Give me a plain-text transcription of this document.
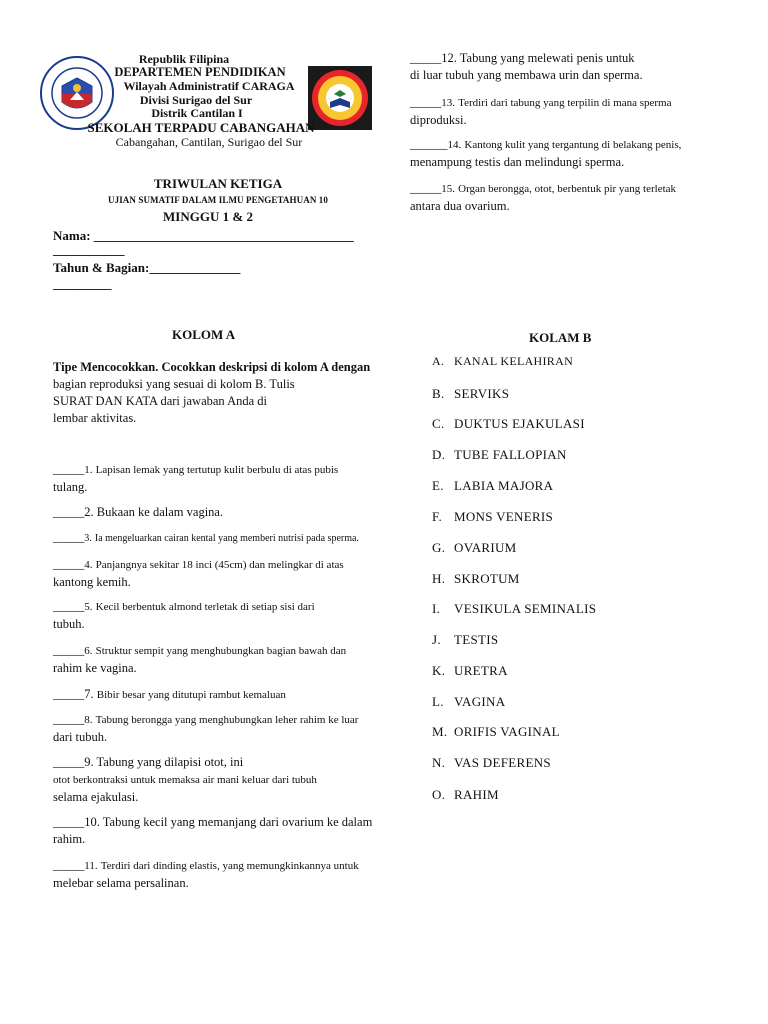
Republik Filipina
DEPARTEMEN PENDIDIKAN
Wilayah Administratif CARAGA
Divisi Surigao del Sur
Distrik Cantilan I
SEKOLAH TERPADU CABANGAHAN
Cabangahan, Cantilan, Surigao del Sur
TRIWULAN KETIGA
UJIAN SUMATIF DALAM ILMU PENGETAHUAN 10
MINGGU 1 & 2
Nama: ________________________________________
___________
Tahun & Bagian:______________
_________
_____12. Tabung yang melewati penis untuk
di luar tubuh yang membawa urin dan sperma.
_____13. Terdiri dari tabung yang terpilin di mana sperma
diproduksi.
______14. Kantong kulit yang tergantung di belakang penis,
menampung testis dan melindungi sperma.
_____15. Organ berongga, otot, berbentuk pir yang terletak
antara dua ovarium.
KOLOM A	KOLAM B
Tipe Mencocokkan. Cocokkan deskripsi di kolom A dengan
bagian reproduksi yang sesuai di kolom B. Tulis
SURAT DAN KATA dari jawaban Anda di
lembar aktivitas.
_____1. Lapisan lemak yang tertutup kulit berbulu di atas pubis
tulang.
_____2. Bukaan ke dalam vagina.
_____3. Ia mengeluarkan cairan kental yang memberi nutrisi pada sperma.
_____4. Panjangnya sekitar 18 inci (45cm) dan melingkar di atas
kantong kemih.
_____5. Kecil berbentuk almond terletak di setiap sisi dari
tubuh.
_____6. Struktur sempit yang menghubungkan bagian bawah dan
rahim ke vagina.
_____7. Bibir besar yang ditutupi rambut kemaluan
_____8. Tabung berongga yang menghubungkan leher rahim ke luar
dari tubuh.
_____9. Tabung yang dilapisi otot, ini
otot berkontraksi untuk memaksa air mani keluar dari tubuh
selama ejakulasi.
_____10. Tabung kecil yang memanjang dari ovarium ke dalam
rahim.
_____11. Terdiri dari dinding elastis, yang memungkinkannya untuk
melebar selama persalinan.
A. KANAL KELAHIRAN
B. SERVIKS
C. DUKTUS EJAKULASI
D. TUBE FALLOPIAN
E. LABIA MAJORA
F. MONS VENERIS
G. OVARIUM
H. SKROTUM
I. VESIKULA SEMINALIS
J. TESTIS
K. URETRA
L. VAGINA
M. ORIFIS VAGINAL
N. VAS DEFERENS
O. RAHIM
